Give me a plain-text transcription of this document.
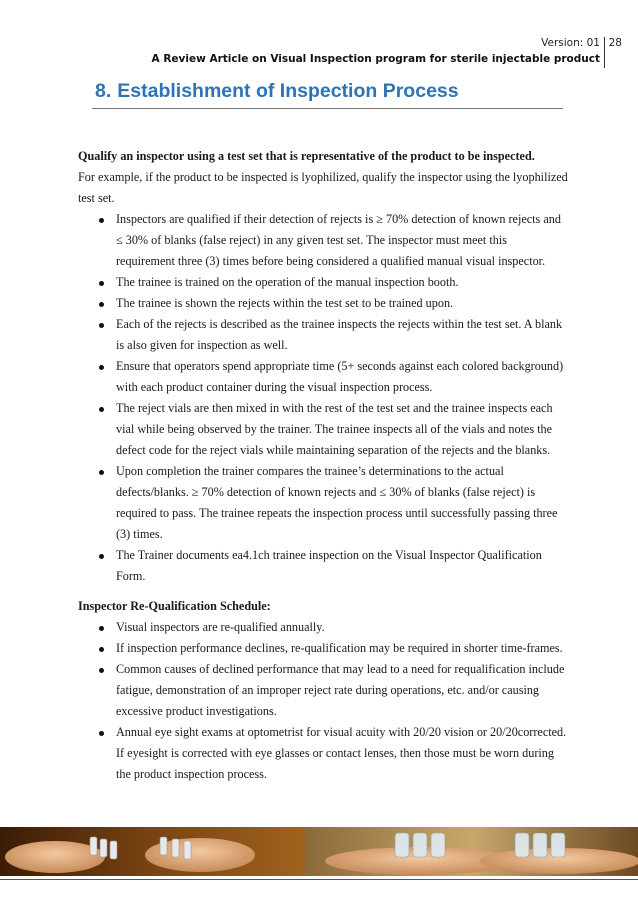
Version: 01
A Review Article on Visual Inspection program for sterile injectable product
28
8. Establishment of Inspection Process

Qualify an inspector using a test set that is representative of the product to be inspected.

For example, if the product to be inspected is lyophilized, qualify the inspector using the lyophilized test set.

Inspectors are qualified if their detection of rejects is ≥ 70% detection of known rejects and ≤ 30% of blanks (false reject) in any given test set. The inspector must meet this requirement three (3) times before being considered a qualified manual visual inspector.
The trainee is trained on the operation of the manual inspection booth.
The trainee is shown the rejects within the test set to be trained upon.
Each of the rejects is described as the trainee inspects the rejects within the test set. A blank is also given for inspection as well.
Ensure that operators spend appropriate time (5+ seconds against each colored background) with each product container during the visual inspection process.
The reject vials are then mixed in with the rest of the test set and the trainee inspects each vial while being observed by the trainer. The trainee inspects all of the vials and notes the defect code for the reject vials while maintaining separation of the rejects and the blanks.
Upon completion the trainer compares the trainee’s determinations to the actual defects/blanks. ≥ 70% detection of known rejects and ≤ 30% of blanks (false reject) is required to pass. The trainee repeats the inspection process until successfully passing three (3) times.
The Trainer documents ea4.1ch trainee inspection on the Visual Inspector Qualification Form.

Inspector Re-Qualification Schedule:

Visual inspectors are re-qualified annually.
If inspection performance declines, re-qualification may be required in shorter time-frames.
Common causes of declined performance that may lead to a need for requalification include fatigue, demonstration of an improper reject rate during operations, etc. and/or causing excessive product investigations.
Annual eye sight exams at optometrist for visual acuity with 20/20 vision or 20/20corrected. If eyesight is corrected with eye glasses or contact lenses, then those must be worn during the product inspection process.
